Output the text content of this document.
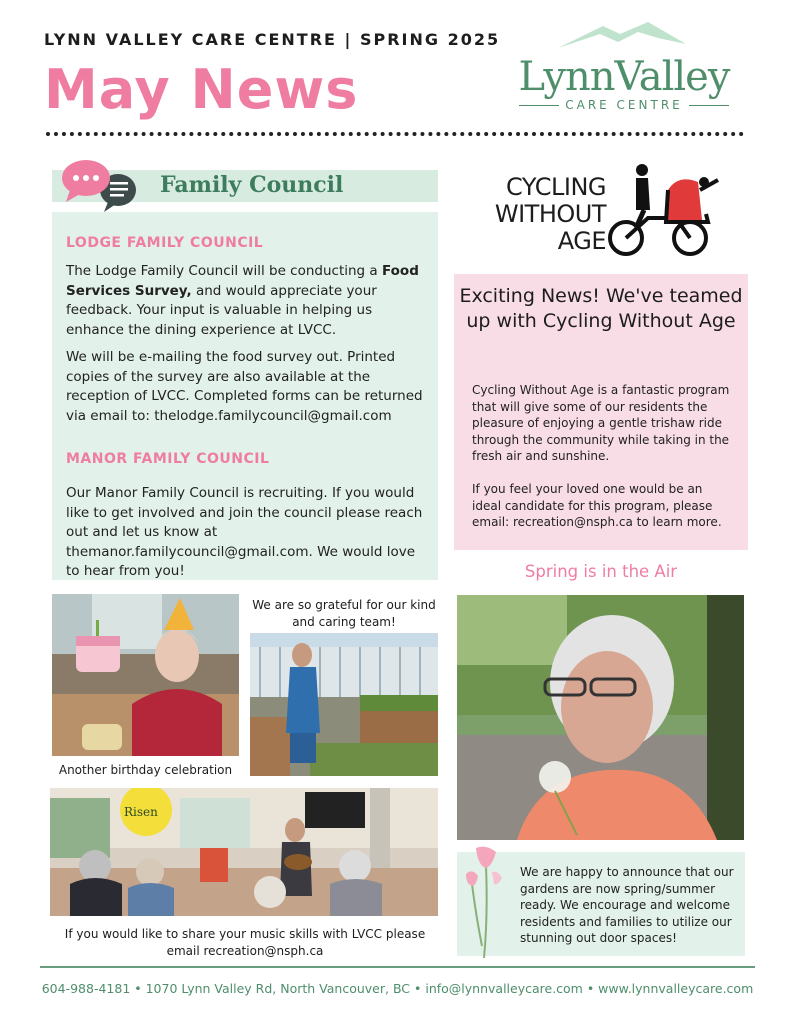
LYNN VALLEY CARE CENTRE | SPRING 2025
May News	LynnValley
CARE CENTRE
Family Council
LODGE FAMILY COUNCIL
The Lodge Family Council will be conducting a Food Services Survey, and would appreciate your feedback. Your input is valuable in helping us enhance the dining experience at LVCC.
We will be e-mailing the food survey out. Printed copies of the survey are also available at the reception of LVCC. Completed forms can be returned via email to: thelodge.familycouncil@gmail.com
MANOR FAMILY COUNCIL
Our Manor Family Council is recruiting. If you would like to get involved and join the council please reach out and let us know at themanor.familycouncil@gmail.com. We would love to hear from you!
CYCLING WITHOUT AGE
Exciting News! We've teamed up with Cycling Without Age
Cycling Without Age is a fantastic program that will give some of our residents the pleasure of enjoying a gentle trishaw ride through the community while taking in the fresh air and sunshine.
If you feel your loved one would be an ideal candidate for this program, please email: recreation@nsph.ca to learn more.
Spring is in the Air
Another birthday celebration
We are so grateful for our kind and caring team!
Risen
If you would like to share your music skills with LVCC please email recreation@nsph.ca
We are happy to announce that our gardens are now spring/summer ready. We encourage and welcome residents and families to utilize our stunning out door spaces!
604-988-4181 • 1070 Lynn Valley Rd, North Vancouver, BC • info@lynnvalleycare.com • www.lynnvalleycare.com
